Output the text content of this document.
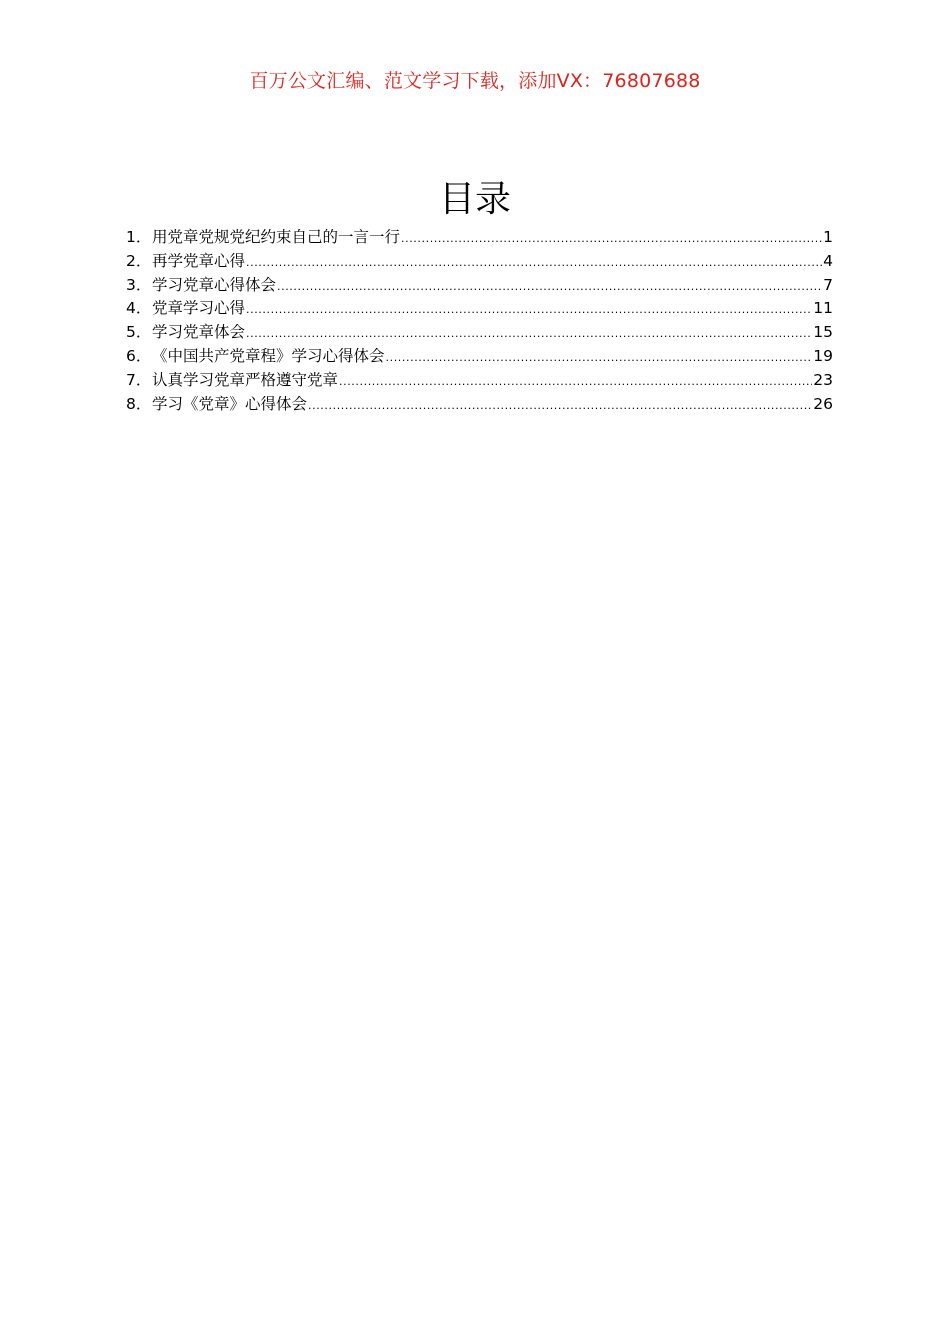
百万公文汇编、范文学习下载，添加VX：76807688
目录
1． 用党章党规党纪约束自己的一言一行 .....	1
2． 再学党章心得 .....	4
3． 学习党章心得体会 .....	7
4． 党章学习心得 .....	11
5． 学习党章体会 .....	15
6． 《中国共产党章程》学习心得体会 .....	19
7． 认真学习党章严格遵守党章 .....	23
8． 学习《党章》心得体会 .....	26
